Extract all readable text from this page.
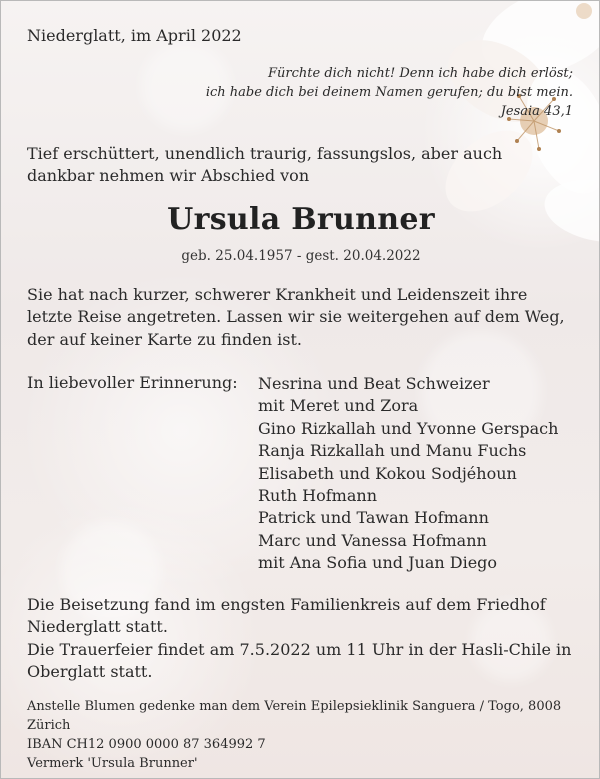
Niederglatt, im April 2022
Fürchte dich nicht! Denn ich habe dich erlöst;
ich habe dich bei deinem Namen gerufen; du bist mein.
Jesaia 43,1
Tief erschüttert, unendlich traurig, fassungslos, aber auch dankbar nehmen wir Abschied von
Ursula Brunner
geb. 25.04.1957 - gest. 20.04.2022
Sie hat nach kurzer, schwerer Krankheit und Leidenszeit ihre letzte Reise angetreten. Lassen wir sie weitergehen auf dem Weg, der auf keiner Karte zu finden ist.
In liebevoller Erinnerung: Nesrina und Beat Schweizer
mit Meret und Zora
Gino Rizkallah und Yvonne Gerspach
Ranja Rizkallah und Manu Fuchs
Elisabeth und Kokou Sodjéhoun
Ruth Hofmann
Patrick und Tawan Hofmann
Marc und Vanessa Hofmann
mit Ana Sofia und Juan Diego
Die Beisetzung fand im engsten Familienkreis auf dem Friedhof Niederglatt statt.
Die Trauerfeier findet am 7.5.2022 um 11 Uhr in der Hasli-Chile in Oberglatt statt.
Anstelle Blumen gedenke man dem Verein Epilepsieklinik Sanguera / Togo, 8008 Zürich
IBAN CH12 0900 0000 87 364992 7
Vermerk 'Ursula Brunner'
